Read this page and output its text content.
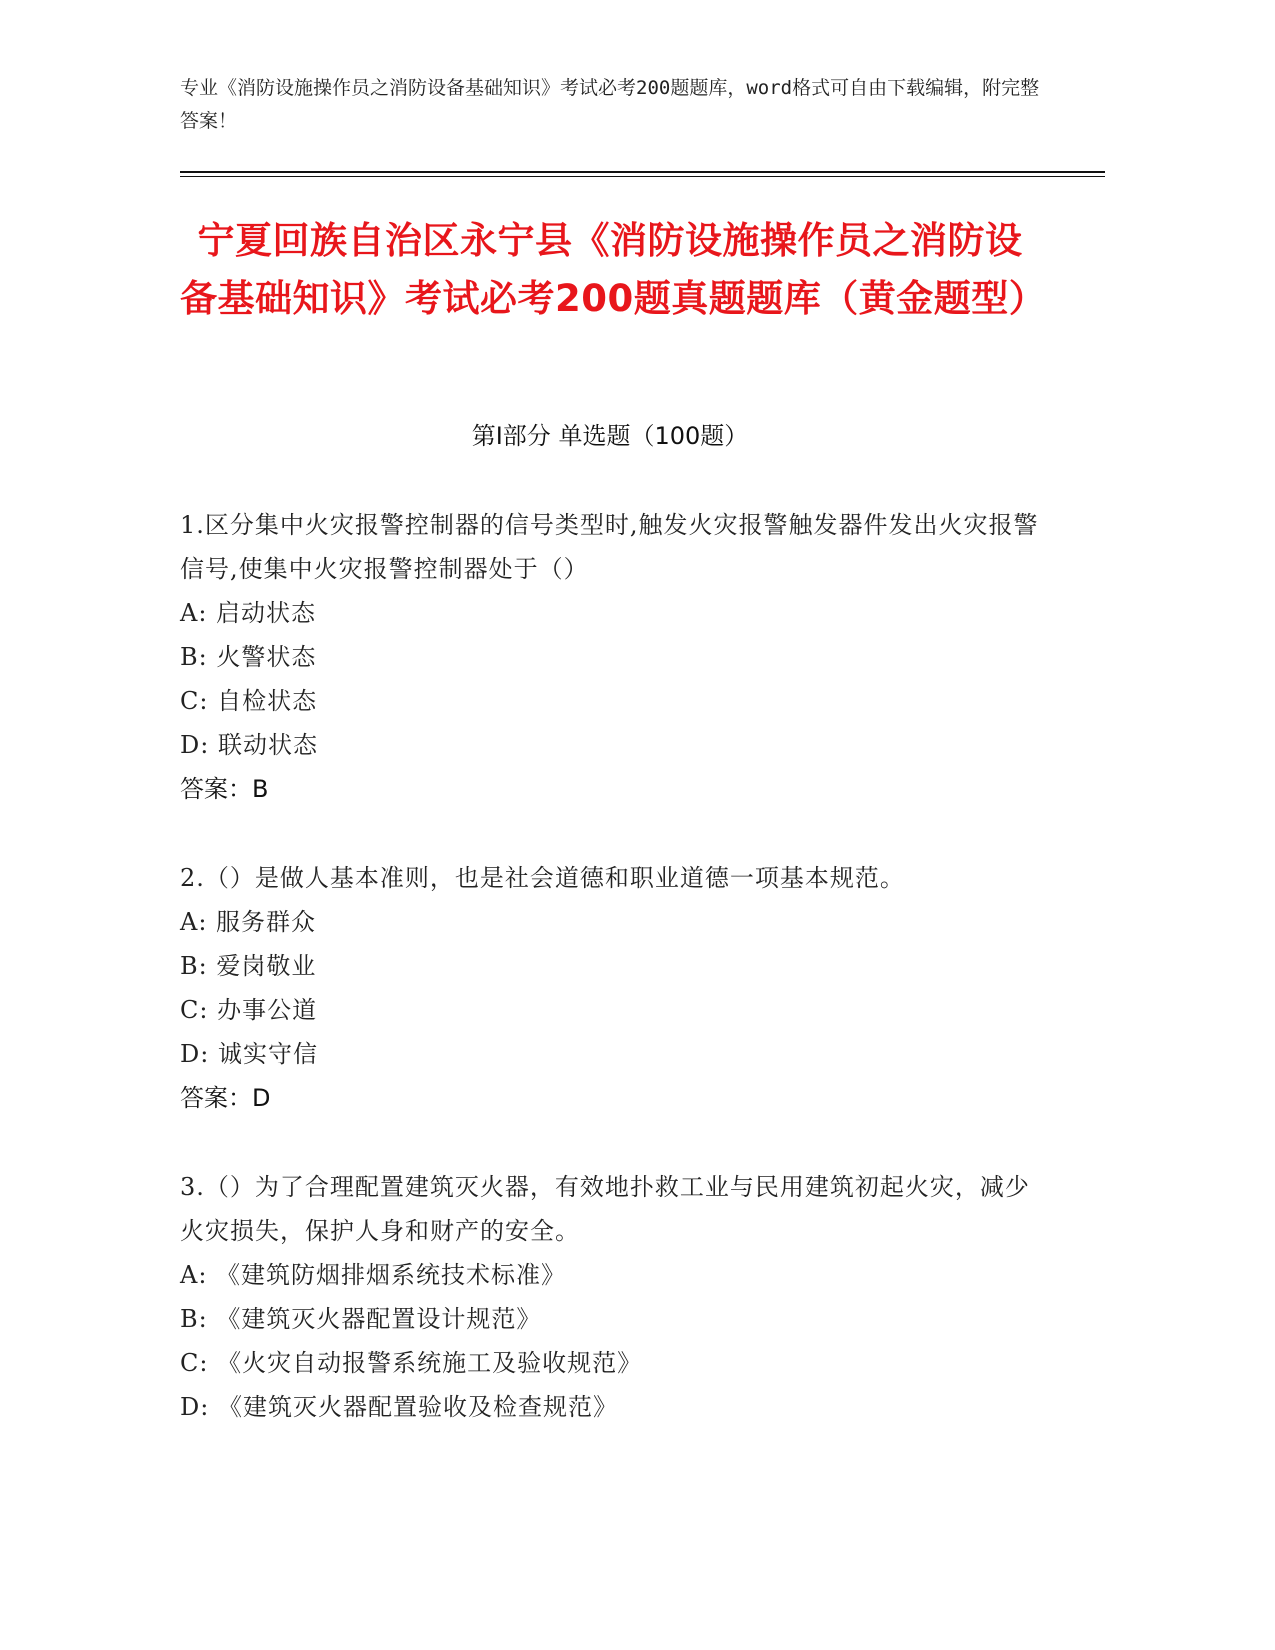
专业《消防设施操作员之消防设备基础知识》考试必考200题题库，word格式可自由下载编辑，附完整答案！
宁夏回族自治区永宁县《消防设施操作员之消防设备基础知识》考试必考200题真题题库（黄金题型）
第I部分 单选题（100题）
1.区分集中火灾报警控制器的信号类型时,触发火灾报警触发器件发出火灾报警信号,使集中火灾报警控制器处于（）
A: 启动状态
B: 火警状态
C: 自检状态
D: 联动状态
答案：B
2.（）是做人基本准则，也是社会道德和职业道德一项基本规范。
A: 服务群众
B: 爱岗敬业
C: 办事公道
D: 诚实守信
答案：D
3.（）为了合理配置建筑灭火器，有效地扑救工业与民用建筑初起火灾，减少火灾损失，保护人身和财产的安全。
A: 《建筑防烟排烟系统技术标准》
B: 《建筑灭火器配置设计规范》
C: 《火灾自动报警系统施工及验收规范》
D: 《建筑灭火器配置验收及检查规范》
